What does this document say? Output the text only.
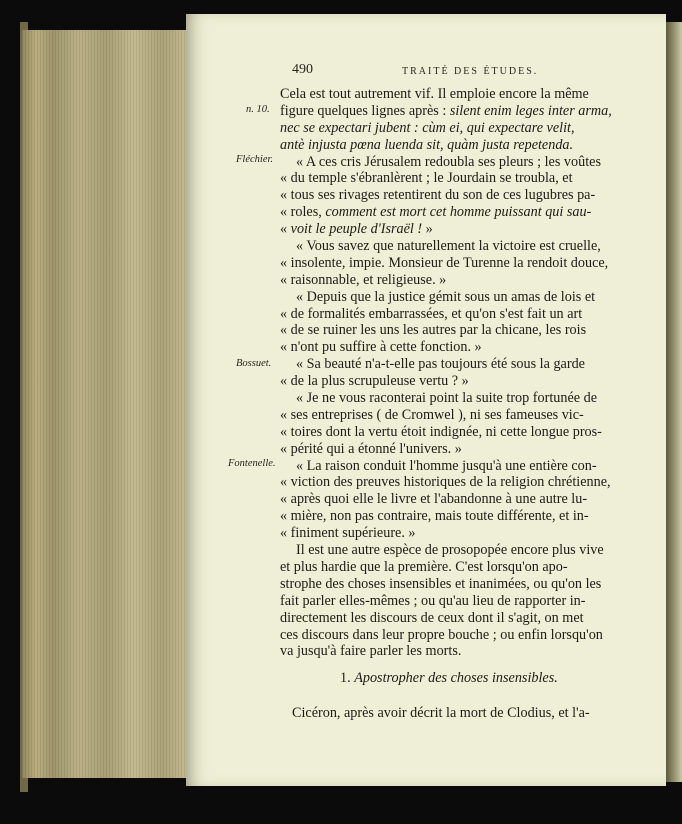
490	TRAITÉ DES ÉTUDES.
n. 10.
Fléchier.
Bossuet.
Fontenelle.
Cela est tout autrement vif. Il emploie encore la même
figure quelques lignes après : silent enim leges inter arma,
nec se expectari jubent : cùm ei, qui expectare velit,
antè injusta pœna luenda sit, quàm justa repetenda.
« A ces cris Jérusalem redoubla ses pleurs ; les voûtes
« du temple s'ébranlèrent ; le Jourdain se troubla, et
« tous ses rivages retentirent du son de ces lugubres pa-
« roles, comment est mort cet homme puissant qui sau-
« voit le peuple d'Israël ! »
« Vous savez que naturellement la victoire est cruelle,
« insolente, impie. Monsieur de Turenne la rendoit douce,
« raisonnable, et religieuse. »
« Depuis que la justice gémit sous un amas de lois et
« de formalités embarrassées, et qu'on s'est fait un art
« de se ruiner les uns les autres par la chicane, les rois
« n'ont pu suffire à cette fonction. »
« Sa beauté n'a-t-elle pas toujours été sous la garde
« de la plus scrupuleuse vertu ? »
« Je ne vous raconterai point la suite trop fortunée de
« ses entreprises ( de Cromwel ), ni ses fameuses vic-
« toires dont la vertu étoit indignée, ni cette longue pros-
« périté qui a étonné l'univers. »
« La raison conduit l'homme jusqu'à une entière con-
« viction des preuves historiques de la religion chrétienne,
« après quoi elle le livre et l'abandonne à une autre lu-
« mière, non pas contraire, mais toute différente, et in-
« finiment supérieure. »
Il est une autre espèce de prosopopée encore plus vive
et plus hardie que la première. C'est lorsqu'on apo-
strophe des choses insensibles et inanimées, ou qu'on les
fait parler elles-mêmes ; ou qu'au lieu de rapporter in-
directement les discours de ceux dont il s'agit, on met
ces discours dans leur propre bouche ; ou enfin lorsqu'on
va jusqu'à faire parler les morts.
1. Apostropher des choses insensibles.
Cicéron, après avoir décrit la mort de Clodius, et l'a-
